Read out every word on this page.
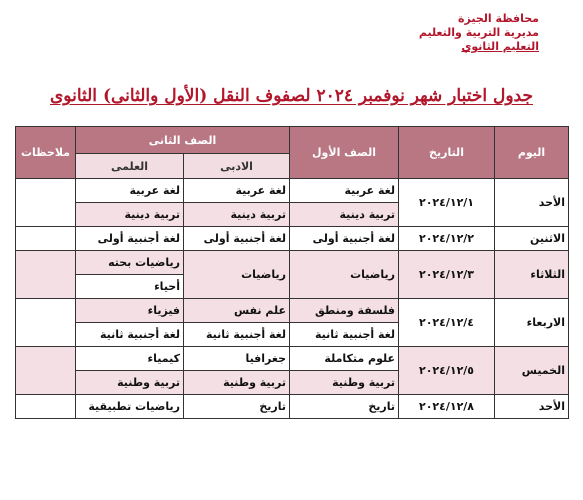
محافظة الجيزة
مديرية التربية والتعليم
التعليم الثانوي
جدول اختبار شهر نوفمبر ٢٠٢٤ لصفوف النقل (الأول والثانى) الثانوى
اليوم	التاريخ	الصف الأول	الصف الثانى		ملاحظات
			الادبى	العلمى	
الأحد	٢٠٢٤/١٢/١	لغة عربية	لغة عربية	لغة عربية	
		تربية دينية	تربية دينية	تربية دينية	
الاثنين	٢٠٢٤/١٢/٢	لغة أجنبية أولى	لغة أجنبية أولى	لغة أجنبية أولى	
الثلاثاء	٢٠٢٤/١٢/٣	رياضيات	رياضيات	رياضيات بحته	
				أحياء	
الاربعاء	٢٠٢٤/١٢/٤	فلسفة ومنطق	علم نفس	فيزياء	
		لغة أجنبية ثانية	لغة أجنبية ثانية	لغة أجنبية ثانية	
الخميس	٢٠٢٤/١٢/٥	علوم متكاملة	جغرافيا	كيمياء	
		تربية وطنية	تربية وطنية	تربية وطنية	
الأحد	٢٠٢٤/١٢/٨	تاريخ	تاريخ	رياضيات تطبيقية	
